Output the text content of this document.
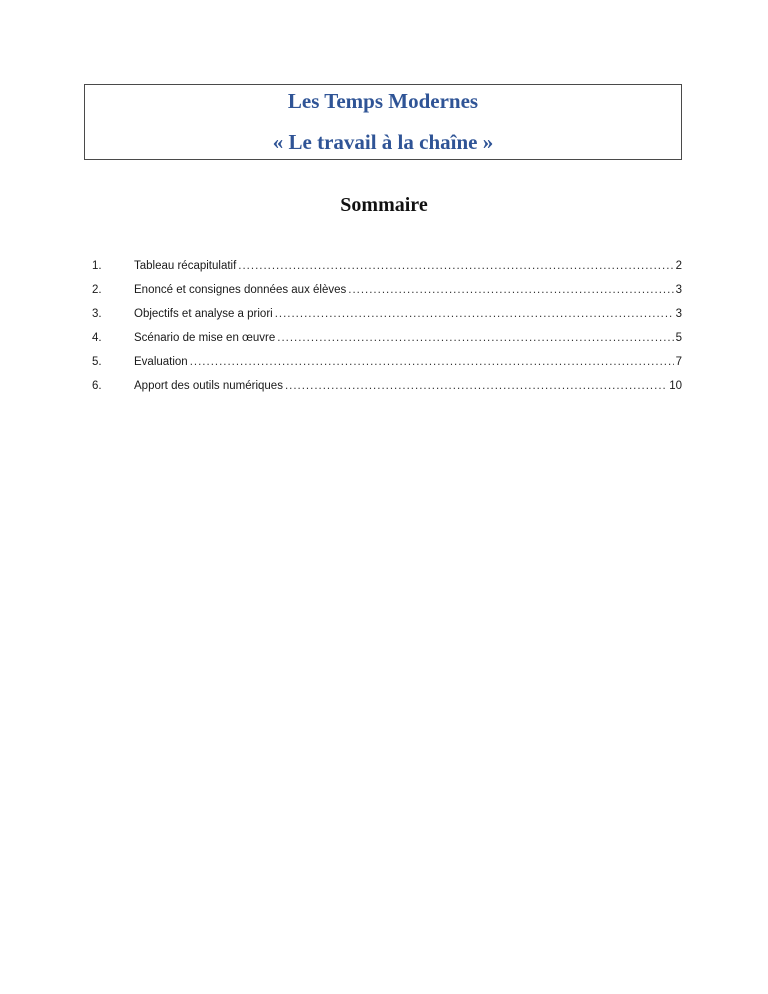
Les Temps Modernes
« Le travail à la chaîne »
Sommaire
1.	Tableau récapitulatif .....	2
2.	Enoncé et consignes données aux élèves .....	3
3.	Objectifs et analyse a priori .....	3
4.	Scénario de mise en œuvre .....	5
5.	Evaluation .....	7
6.	Apport des outils numériques .....	10
